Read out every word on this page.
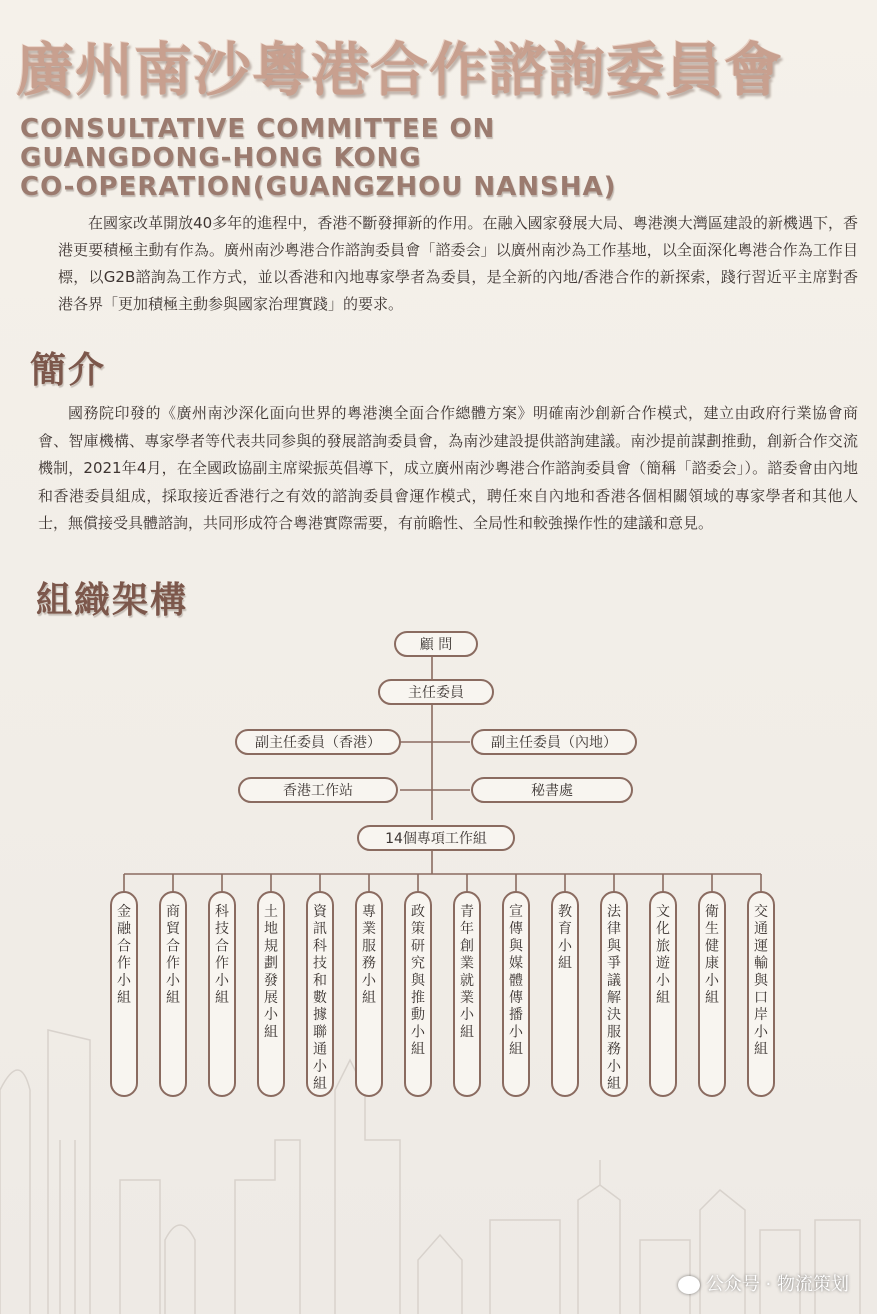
廣州南沙粵港合作諮詢委員會
CONSULTATIVE COMMITTEE ON
GUANGDONG-HONG KONG
CO-OPERATION(GUANGZHOU NANSHA)
在國家改革開放40多年的進程中，香港不斷發揮新的作用。在融入國家發展大局、粵港澳大灣區建設的新機遇下，香港更要積極主動有作為。廣州南沙粵港合作諮詢委員會「諮委会」以廣州南沙為工作基地，以全面深化粵港合作為工作目標，以G2B諮詢為工作方式，並以香港和內地專家學者為委員，是全新的內地/香港合作的新探索，踐行習近平主席對香港各界「更加積極主動参與國家治理實踐」的要求。
簡介
國務院印發的《廣州南沙深化面向世界的粵港澳全面合作總體方案》明確南沙創新合作模式，建立由政府行業協會商會、智庫機構、專家學者等代表共同参與的發展諮詢委員會，為南沙建設提供諮詢建議。南沙提前謀劃推動，創新合作交流機制，2021年4月，在全國政協副主席梁振英倡導下，成立廣州南沙粵港合作諮詢委員會（簡稱「諮委会」）。諮委會由內地和香港委員組成，採取接近香港行之有效的諮詢委員會運作模式，聘任來自內地和香港各個相關領域的專家學者和其他人士，無償接受具體諮詢，共同形成符合粵港實際需要，有前瞻性、全局性和較強操作性的建議和意見。
組織架構
顧 問
主任委員
副主任委員（香港）	副主任委員（內地）
香港工作站	秘書處
14個專項工作組
金融合作小組
商貿合作小組
科技合作小組
土地規劃發展小組
資訊科技和數據聯通小組
專業服務小組
政策研究與推動小組
青年創業就業小組
宣傳與媒體傳播小組
教育小組
法律與爭議解決服務小組
文化旅遊小組
衛生健康小組
交通運輸與口岸小組
公众号 · 物流策划
